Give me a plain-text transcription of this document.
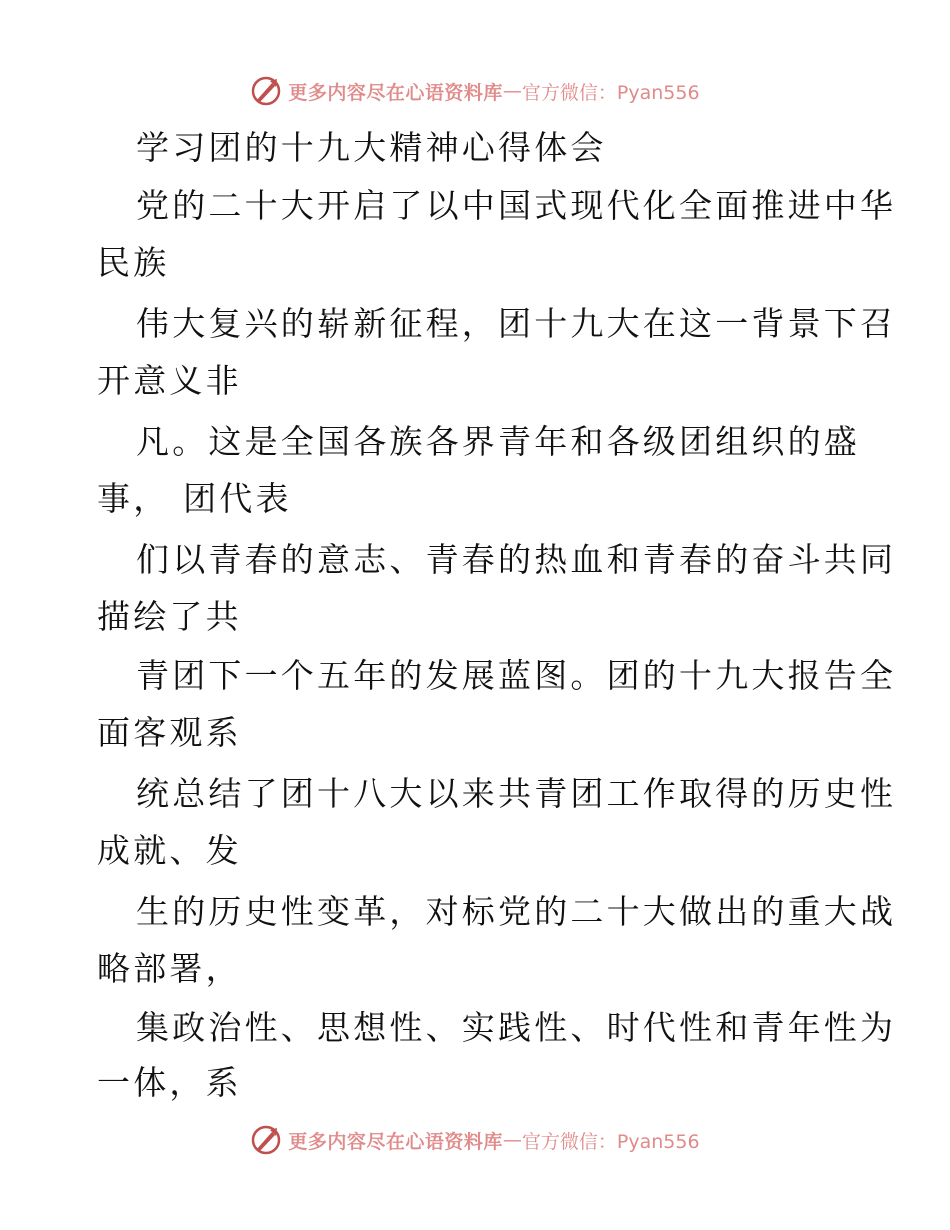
更多内容尽在心语资料库 — 官方微信：Pyan556
学习团的十九大精神心得体会
党的二十大开启了以中国式现代化全面推进中华
民族
伟大复兴的崭新征程，团十九大在这一背景下召
开意义非
凡。这是全国各族各界青年和各级团组织的盛
事， 团代表
们以青春的意志、青春的热血和青春的奋斗共同
描绘了共
青团下一个五年的发展蓝图。团的十九大报告全
面客观系
统总结了团十八大以来共青团工作取得的历史性
成就、发
生的历史性变革，对标党的二十大做出的重大战
略部署，
集政治性、思想性、实践性、时代性和青年性为
一体，系
更多内容尽在心语资料库 — 官方微信：Pyan556
